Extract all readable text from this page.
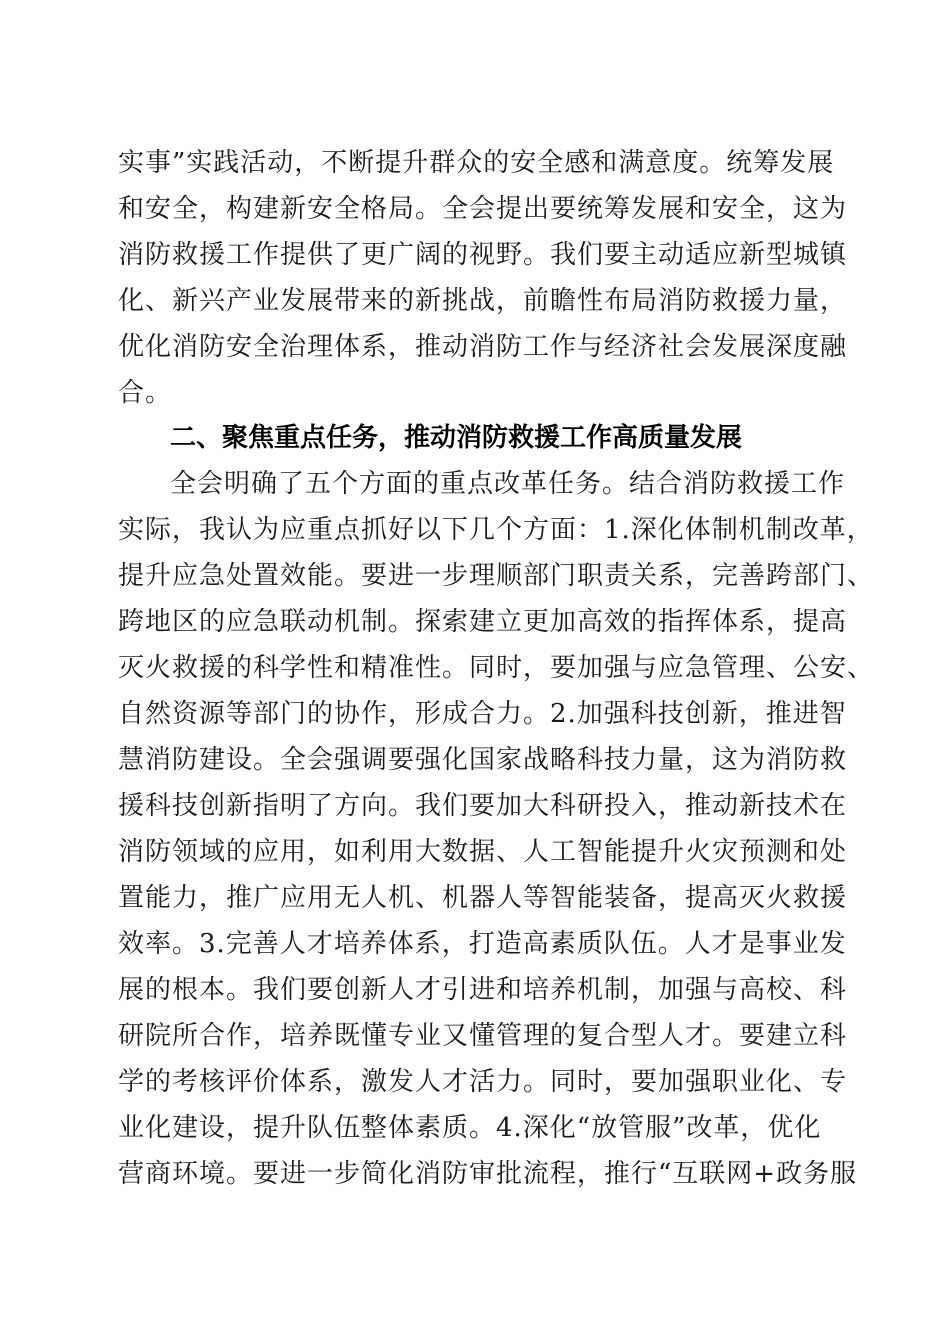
实事”实践活动，不断提升群众的安全感和满意度。统筹发展
和安全，构建新安全格局。全会提出要统筹发展和安全，这为
消防救援工作提供了更广阔的视野。我们要主动适应新型城镇
化、新兴产业发展带来的新挑战，前瞻性布局消防救援力量，
优化消防安全治理体系，推动消防工作与经济社会发展深度融
合。
二、聚焦重点任务，推动消防救援工作高质量发展
全会明确了五个方面的重点改革任务。结合消防救援工作
实际，我认为应重点抓好以下几个方面：1.深化体制机制改革，
提升应急处置效能。要进一步理顺部门职责关系，完善跨部门、
跨地区的应急联动机制。探索建立更加高效的指挥体系，提高
灭火救援的科学性和精准性。同时，要加强与应急管理、公安、
自然资源等部门的协作，形成合力。2.加强科技创新，推进智
慧消防建设。全会强调要强化国家战略科技力量，这为消防救
援科技创新指明了方向。我们要加大科研投入，推动新技术在
消防领域的应用，如利用大数据、人工智能提升火灾预测和处
置能力，推广应用无人机、机器人等智能装备，提高灭火救援
效率。3.完善人才培养体系，打造高素质队伍。人才是事业发
展的根本。我们要创新人才引进和培养机制，加强与高校、科
研院所合作，培养既懂专业又懂管理的复合型人才。要建立科
学的考核评价体系，激发人才活力。同时，要加强职业化、专
业化建设，提升队伍整体素质。4.深化“放管服”改革，优化
营商环境。要进一步简化消防审批流程，推行“互联网+政务服
